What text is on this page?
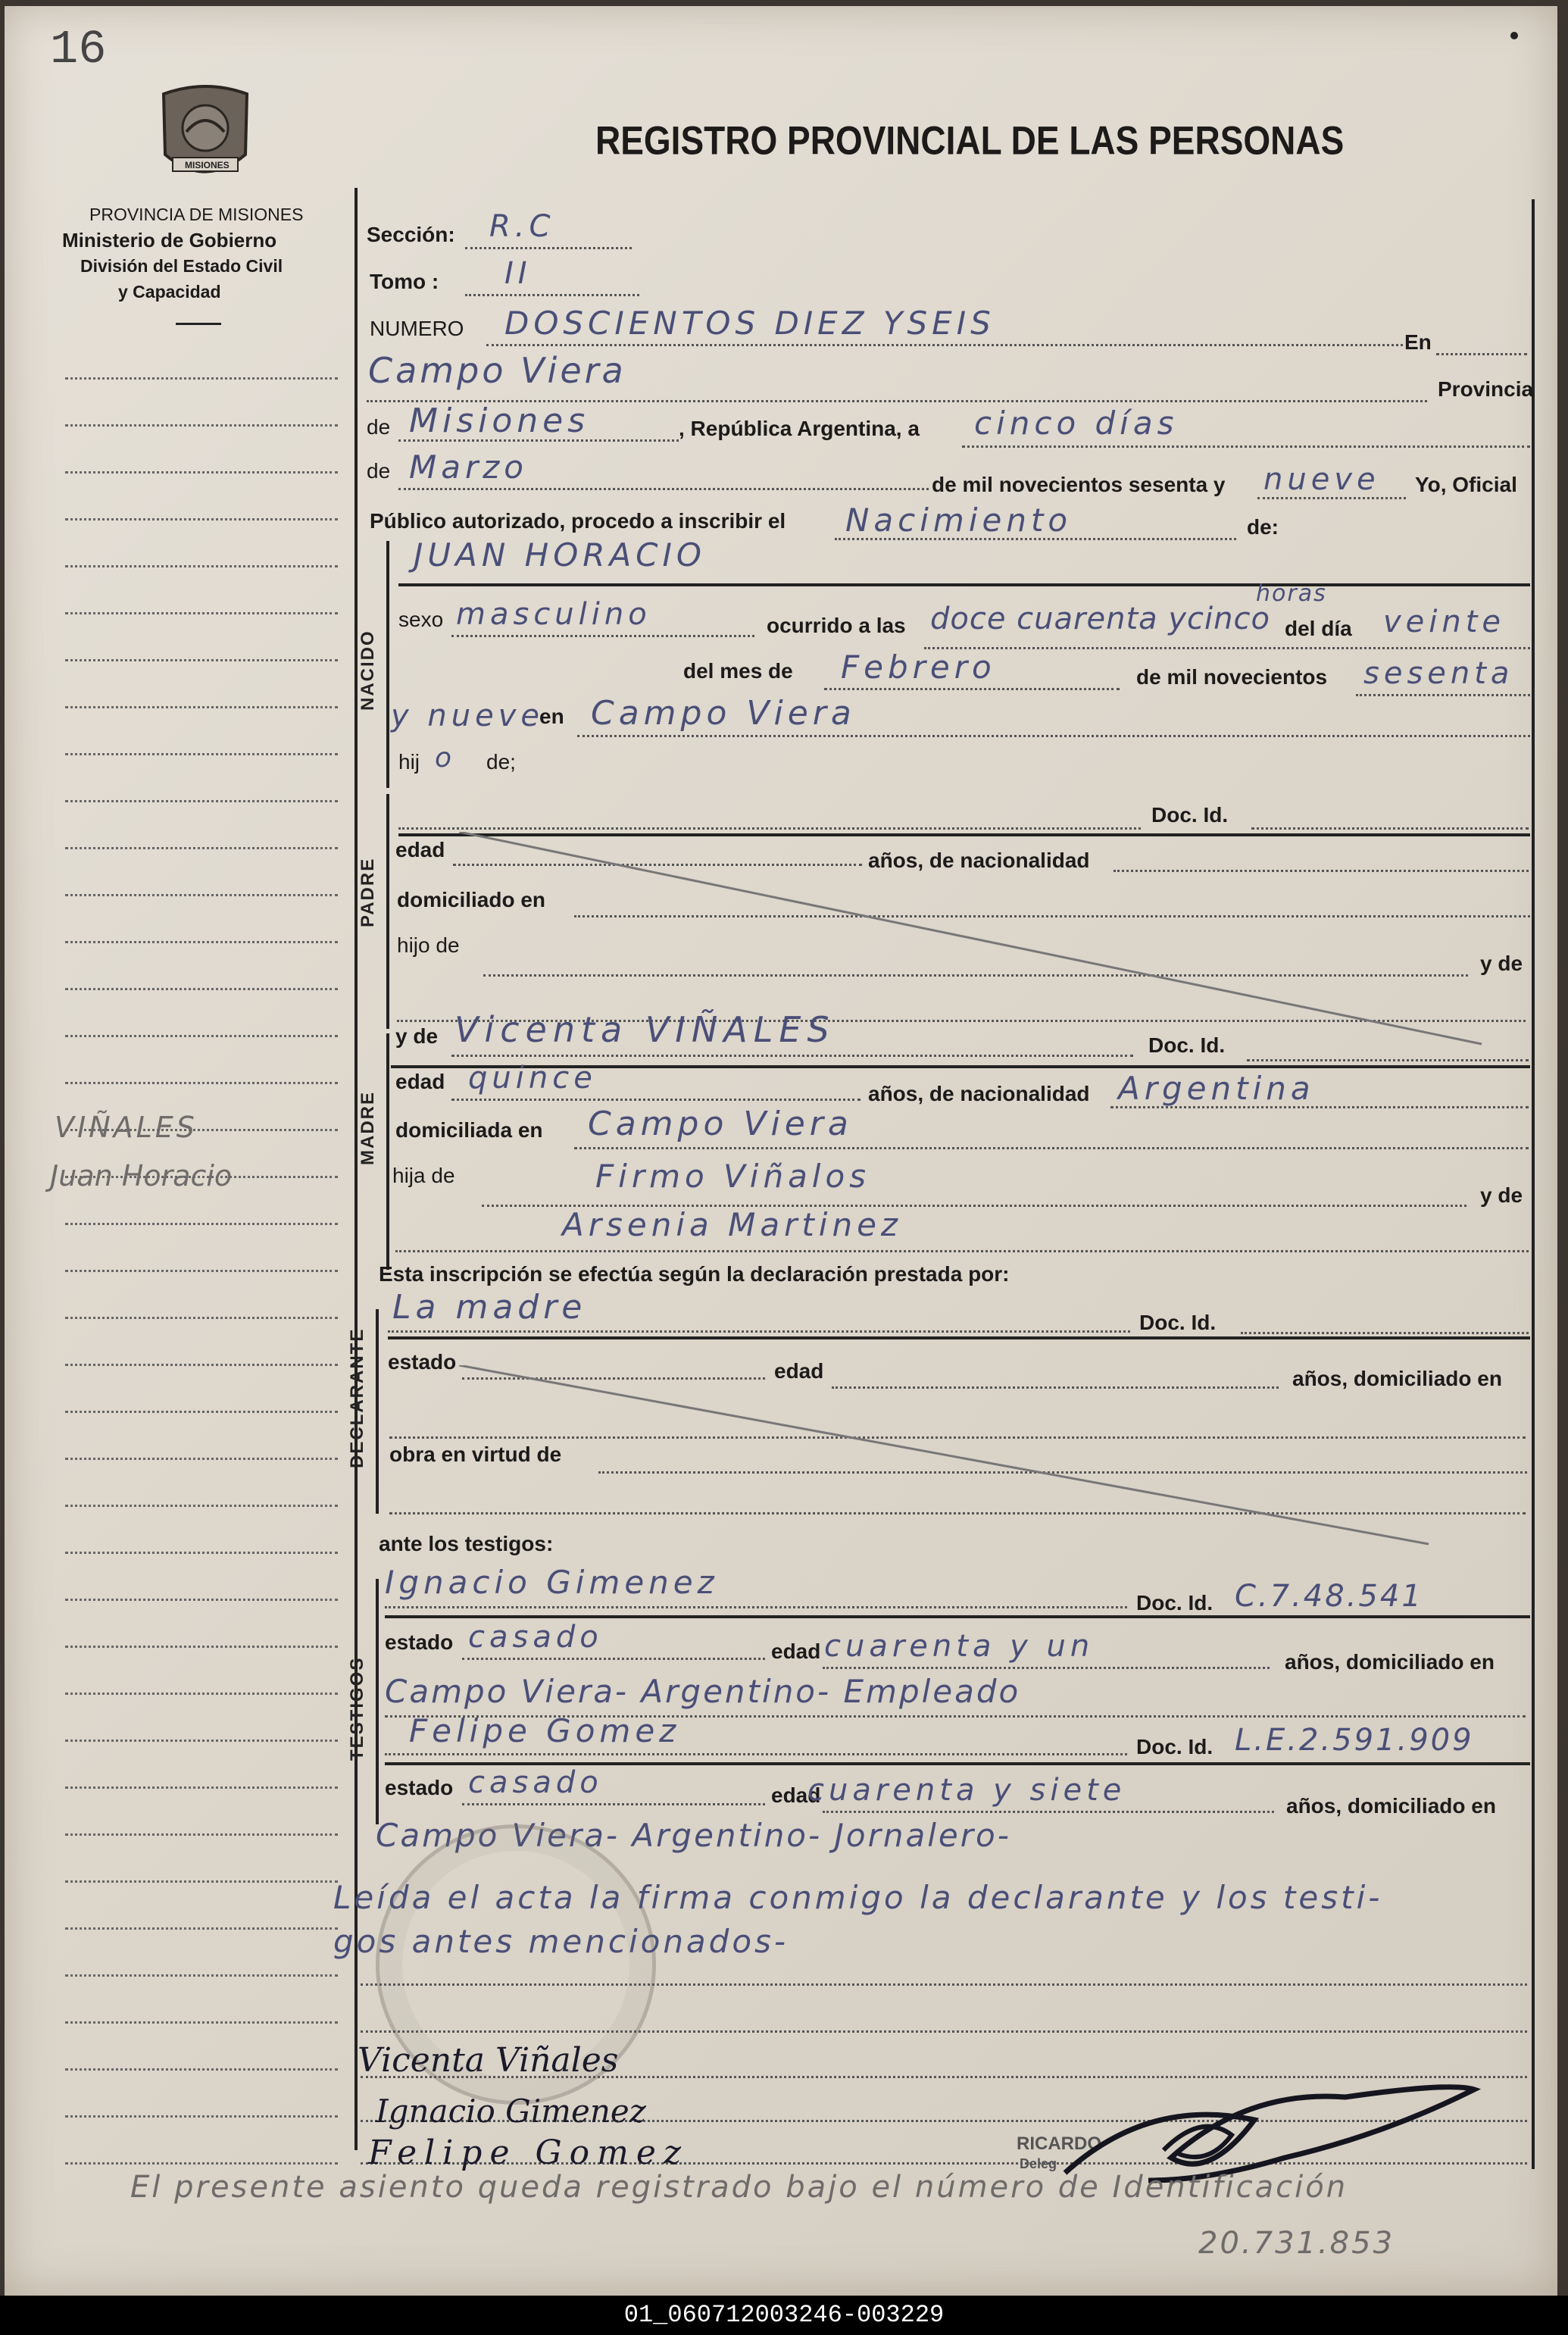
16
MISIONES
PROVINCIA DE MISIONES
Ministerio de Gobierno
División del Estado Civil
y Capacidad
REGISTRO PROVINCIAL DE LAS PERSONAS
VIÑALES
Juan Horacio
Sección: R.C
Tomo : II
NUMERO DOSCIENTOS DIEZ YSEIS
En
Campo Viera	Provincia
de Misiones	, República Argentina, a cinco días
de Marzo	de mil novecientos sesenta y nueve Yo, Oficial
Público autorizado, procedo a inscribir el Nacimiento	de:
NACIDO
JUAN HORACIO
sexo masculino	ocurrido a las doce cuarenta ycinco
horas
del día veinte
del mes de Febrero	de mil novecientos sesenta
y nueve
en Campo Viera
hij o de;
PADRE
Doc. Id.
edad	años, de nacionalidad
domiciliado en
hijo de
y de
MADRE
y de Vicenta VIÑALES	Doc. Id.
edad quince	años, de nacionalidad Argentina
domiciliada en Campo Viera
hija de	Firmo Viñalos
y de
Arsenia Martinez
Esta inscripción se efectúa según la declaración prestada por:
DECLARANTE
La madre	Doc. Id.
estado	edad	años, domiciliado en
obra en virtud de
ante los testigos:
TESTIGOS
Ignacio Gimenez
Doc. Id. C.7.48.541
estado casado	edad cuarenta y un	años, domiciliado en
Campo Viera- Argentino- Empleado
Felipe Gomez	Doc. Id. L.E.2.591.909
estado casado	edad
cuarenta y siete	años, domiciliado en
Campo Viera- Argentino- Jornalero-
Leída el acta la firma conmigo la declarante y los testi-
gos antes mencionados-
Vicenta Viñales
Ignacio Gimenez
Felipe Gomez	RICARDO
Deleg
El presente asiento queda registrado bajo el número de Identificación
20.731.853
01_060712003246-003229
